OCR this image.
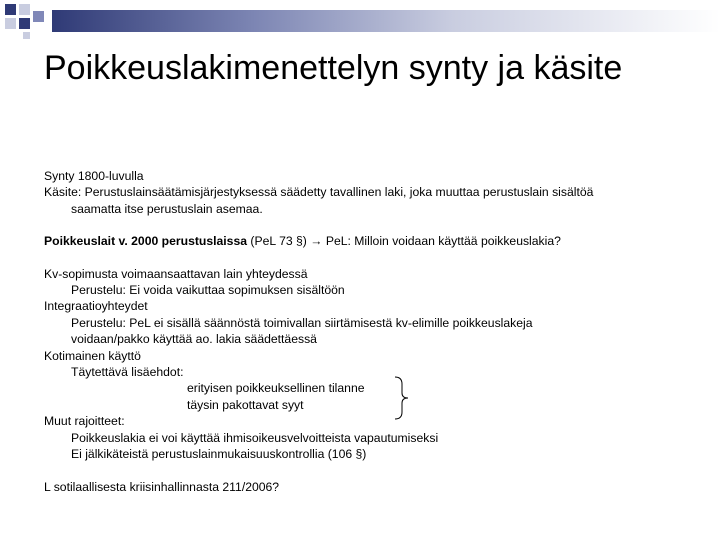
Poikkeuslakimenettelyn synty ja käsite
Synty 1800-luvulla
Käsite: Perustuslainsäätämisjärjestyksessä säädetty tavallinen laki, joka muuttaa perustuslain sisältöä
saamatta itse perustuslain asemaa.
Poikkeuslait v. 2000 perustuslaissa (PeL 73 §) → PeL: Milloin voidaan käyttää poikkeuslakia?
Kv-sopimusta voimaansaattavan lain yhteydessä
Perustelu: Ei voida vaikuttaa sopimuksen sisältöön
Integraatioyhteydet
Perustelu: PeL ei sisällä säännöstä toimivallan siirtämisestä kv-elimille poikkeuslakeja
voidaan/pakko käyttää ao. lakia säädettäessä
Kotimainen käyttö
Täytettävä lisäehdot:
erityisen poikkeuksellinen tilanne
täysin pakottavat syyt
Muut rajoitteet:
Poikkeuslakia ei voi käyttää ihmisoikeusvelvoitteista vapautumiseksi
Ei jälkikäteistä perustuslainmukaisuuskontrollia (106 §)
L sotilaallisesta kriisinhallinnasta 211/2006?
